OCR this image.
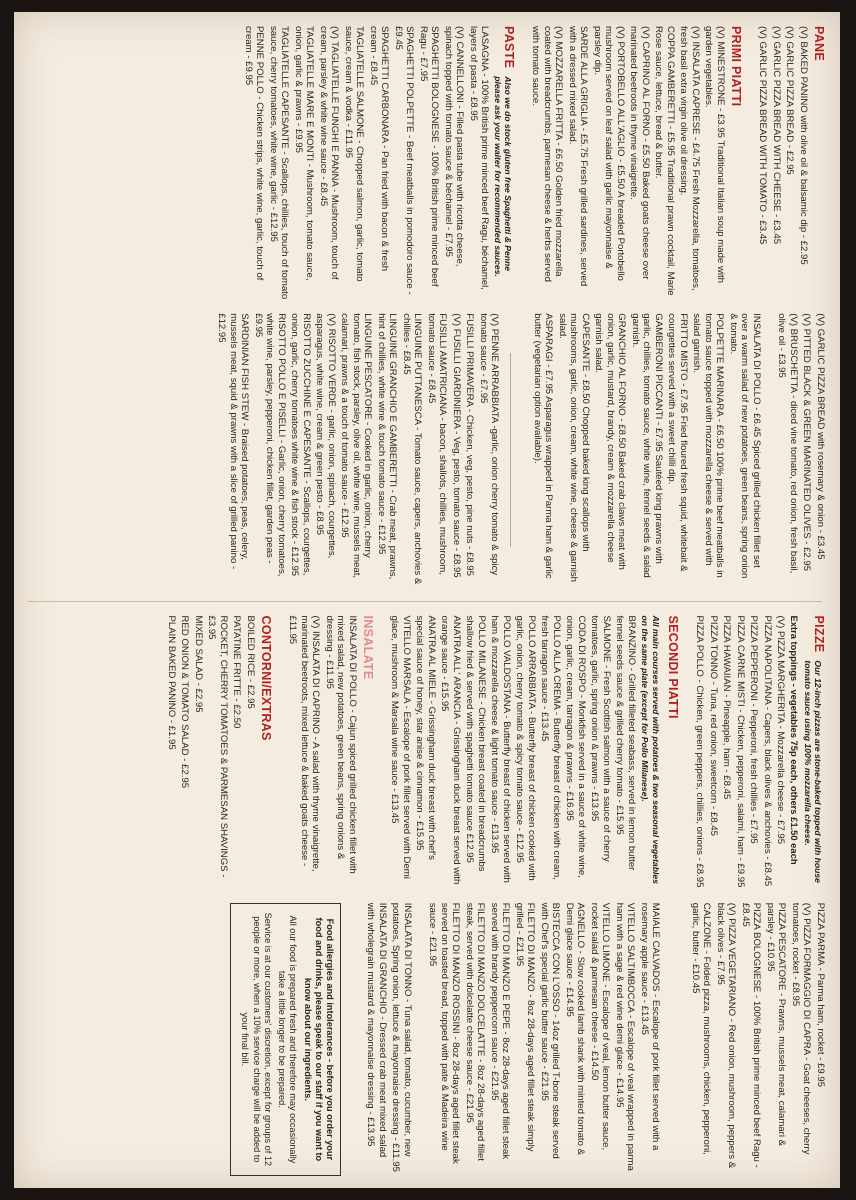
PANE
(V) BAKED PANINO with olive oil & balsamic dip - £2.95
(V) GARLIC PIZZA BREAD - £2.95
(V) GARLIC PIZZA BREAD WITH CHEESE - £3.45
(V) GARLIC PIZZA BREAD WITH TOMATO - £3.45
PRIMI PIATTI
(V) MINESTRONE - £3.95 Traditional Italian soup made with garden vegetables.
(V) INSALATA CAPRESE - £4.75 Fresh Mozzarella, tomatoes, fresh basil extra virgin olive oil dressing.
COPPA GAMBERETTI - £5.95 Traditional prawn cocktail, Marie Rose sauce, lettuce, bread & butter.
(V) CAPRINO AL FORNO - £5.50 Baked goats cheese over marinated beetroots in thyme vinaigrette.
(V) PORTOBELLO ALL'AGLIO - £5.50 A breaded Portobello mushroom served on leaf salad with garlic mayonnaise & parsley dip.
SARDE ALLA GRIGLIA - £5.75 Fresh grilled sardines, served with a dressed mixed salad.
(V) MOZZARELLA FRITTA - £6.50 Golden fried mozzarella coated with breadcrumbs, parmesan cheese & herbs served with tomato sauce.
PASTE
Also we do stock gluten free Spaghetti & Penne please ask your waiter for recommended sauces.
LASAGNA - 100% British prime minced beef Ragu, béchamel, layers of pasta - £8.95
(V) CANNELLONI - Filled pasta tube with ricotta cheese, spinach topped with tomato sauce & béchamel - £7.95
SPAGHETTI BOLOGNESE - 100% British prime minced beef Ragu - £7.95
SPAGHETTI POLPETTE - Beef meatballs in pomodoro sauce - £9.45
SPAGHETTI CARBONARA - Pan fried with bacon & fresh cream - £8.45
TAGLIATELLE SALMONE - Chopped salmon, garlic, tomato sauce, cream & vodka - £11.95
(V) TAGLIATELLE FUNGHI E PANNA - Mushroom, touch of cream, parsley & white wine sauce - £8.45
TAGLIATELLE MARE E MONTI - Mushroom, tomato sauce, onion, garlic & prawns - £9.95
TAGLIATELLE CAPESANTE - Scallops, chillies, touch of tomato sauce, cherry tomatoes, white wine, garlic - £12.95
PENNE POLLO - Chicken strips, white wine, garlic, touch of cream - £9.95
(V) GARLIC PIZZA BREAD with rosemary & onion - £3.45
(V) PITTED BLACK & GREEN MARINATED OLIVES - £2.95
(V) BRUSCHETTA - diced vine tomato, red onion, fresh basil, olive oil - £3.95
INSALATA DI POLLO - £6.45 Spiced grilled chicken fillet set over a warm salad of new potatoes, green beans, spring onion & tomato.
POLPETTE MARINARA - £6.50 100% prime beef meatballs in tomato sauce topped with mozzarella cheese & served with salad garnish.
FRITTO MISTO - £7.95 Fried floured fresh squid, whitebait & courgettes served with a sweet chilli dip.
GAMBERONI PICCANTI - £7.95 Sautéed king prawns with garlic, chillies, tomato sauce, white wine, fennel seeds & salad garnish.
GRANCHIO AL FORNO - £8.50 Baked crab claws meat with onion, garlic, mustard, brandy, cream & mozzarella cheese garnish salad.
CAPESANTE - £8.50 Chopped baked king scallops with mushrooms, garlic, onion, cream, white wine, cheese & garnish salad.
ASPARAGI - £7.95 Asparagus wrapped in Parma ham & garlic butter (vegetarian option available).
(V) PENNE ARRABBIATA -garlic, onion cherry tomato & spicy tomato sauce - £7.95
FUSILLI PRIMAVERA - Chicken, veg, pesto, pine nuts - £8.95
(V) FUSILLI GIARDINIERA - Veg, pesto, tomato sauce - £8.95
FUSILLI AMATRICIANA - bacon, shallots, chillies, mushroom, tomato sauce - £8.45
LINGUINE PUTTANESCA - Tomato sauce, capers, anchovies & chillies - £8.45
LINGUINE GRANCHIO E GAMBERETTI - Crab meat, prawns, hint of chillies, white wine & touch tomato sauce - £12.95
LINGUINE PESCATORE - Cooked in garlic, onion, cherry tomato, fish stock, parsley, olive oil, white wine, mussels meat, calamari, prawns & a touch of tomato sauce - £12.95
(V) RISOTTO VERDE - garlic, onion, spinach, courgettes, asparagus, white wine, cream & green pesto - £8.95
RISOTTO ZUCCHINE E CAPESANTE - Scallops, courgettes, onion, garlic, cherry tomatoes white wine & fish stock - £12.95
RISOTTO POLLO E PISELLI - Garlic, onion, cherry tomatoes, white wine, parsley, pepperoni, chicken fillet, garden peas - £9.95
SARDINIAN FISH STEW - Braised potatoes, peas, celery, mussels meat, squid & prawns with a slice of grilled panino - £12.95
PIZZE
Our 12-inch pizzas are stone-baked topped with house tomato sauce using 100% mozzarella cheese.
Extra toppings - vegetables 75p each, others £1.50 each
(V) PIZZA MARGHERITA - Mozzarella cheese - £7.95
PIZZA NAPOLITANA - Capers, black olives & anchovies - £8.45
PIZZA PEPPERONI - Pepperoni, fresh chillies - £7.95
PIZZA CARNE MISTI - Chicken, pepperoni, salami, ham - £9.95
PIZZA HAWAIIAN - Pineapple, ham - £8.45
PIZZA TONNO - Tuna, red onion, sweetcorn - £8.45
PIZZA POLLO - Chicken, green peppers, chillies, onions - £8.95
SECONDI PIATTI
All main courses served with potatoes & two seasonal vegetables on the same plate (except for Pollo Milanese).
BRANZINO - Grilled filleted seabass, served in lemon butter fennel seeds sauce & grilled cherry tomato - £15.95
SALMONE - Fresh Scottish salmon with a sauce of cherry tomatoes, garlic, spring onion & prawns - £13.95
CODA DI ROSPO - Monkfish served in a sauce of white wine, onion, garlic, cream, tarragon & prawns - £16.95
POLLO ALLA CREMA - Butterfly breast of chicken with cream, fresh tarragon sauce - £13.45
POLLO ARRABBIATA - Butterfly breast of chicken cooked with garlic, onion, cherry tomato & spicy tomato sauce - £12.95
POLLO VALDOSTANA - Butterfly breast of chicken served with ham & mozzarella cheese & light tomato sauce - £13.95
POLLO MILANESE - Chicken breast coated in breadcrumbs shallow fried & served with spaghetti tomato sauce £12.95
ANATRA ALL' ARANCIA - Grissingham duck breast served with orange sauce - £15.95
ANATRA AL MIELE - Grissingham duck breast with chef's special sauce of honey, star anise & cinnamon - £15.95
VITELLO MARSALA - Escalope of pork fillet served with Demi glace, mushroom & Marsala wine sauce - £13.45
INSALATE
INSALATA DI POLLO - Cajun spiced grilled chicken fillet with mixed salad, new potatoes, green beans, spring onions & dressing - £11.95
(V) INSALATA DI CAPRINO - A salad with thyme vinaigrette, marinated beetroots, mixed lettuce & baked goats cheese - £11.95
CONTORNI/EXTRAS
BOILED RICE - £2.95
PATATINE FRITTE - £2.50
ROCKET, CHERRY TOMATOES & PARMESAN SHAVINGS - £3.95
MIXED SALAD - £2.95
RED ONION & TOMATO SALAD - £2.95
PLAIN BAKED PANINO - £1.95
PIZZA PARMA - Parma ham, rocket - £9.95
(V) PIZZA FORMAGGIO DI CAPRA - Goat cheeses, cherry tomatoes, rocket - £8.95
PIZZA PESCATORE - Prawns, mussels meat, calamari & parsley - £10.95
PIZZA BOLOGNESE - 100% British prime minced beef Ragu - £8.45
(V) PIZZA VEGETARIANO - Red onion, mushroom, peppers & black olives - £7.95
CALZONE - Folded pizza, mushrooms, chicken, pepperoni, garlic, butter - £10.45
MAIALE CALVADOS - Escalope of pork fillet served with a rosemary apple sauce - £13.45
VITELLO SALTIMBOCCA - Escalope of veal wrapped in parma ham with a sage & red wine demi glace - £14.95
VITELLO LIMONE - Escalope of veal, lemon butter sauce, rocket salad & parmesan cheese - £14.50
AGNELLO - Slow cooked lamb shank with minted tomato & Demi glace sauce - £14.95
BISTECCA CON L'OSSO - 14oz grilled T-bone steak served with Chef's special garlic butter sauce - £21.95
FILETTO DI MANZO - 8oz 28-days aged fillet steak simply grilled - £21.95
FILETTO DI MANZO E PEPE - 8oz 28-days aged fillet steak served with brandy peppercorn sauce - £21.95
FILETTO DI MANZO DOLCELATTE - 8oz 28-days aged fillet steak, served with dolcelatte cheese sauce - £21.95
FILETTO DI MANZO ROSSINI - 8oz 28-days aged fillet steak served on toasted bread, topped with pate & Madeira wine sauce - £21.95
INSALATA DI TONNO - Tuna salad, tomato, cucumber, new potatoes, Spring onion, lettuce & mayonnaise dressing - £11.95
INSALATA DI GRANCHIO - Dressed crab meat mixed salad with wholegrain mustard & mayonnaise dressing - £13.95

Food allergies and intolerances - before you order your food and drinks, please speak to our staff if you want to know about our ingredients.

All our food is prepared fresh and therefore may occasionally take a little longer to be prepared.

Service is at our customers' discretion, except for groups of 12 people or more, when a 10% service charge will be added to your final bill.
